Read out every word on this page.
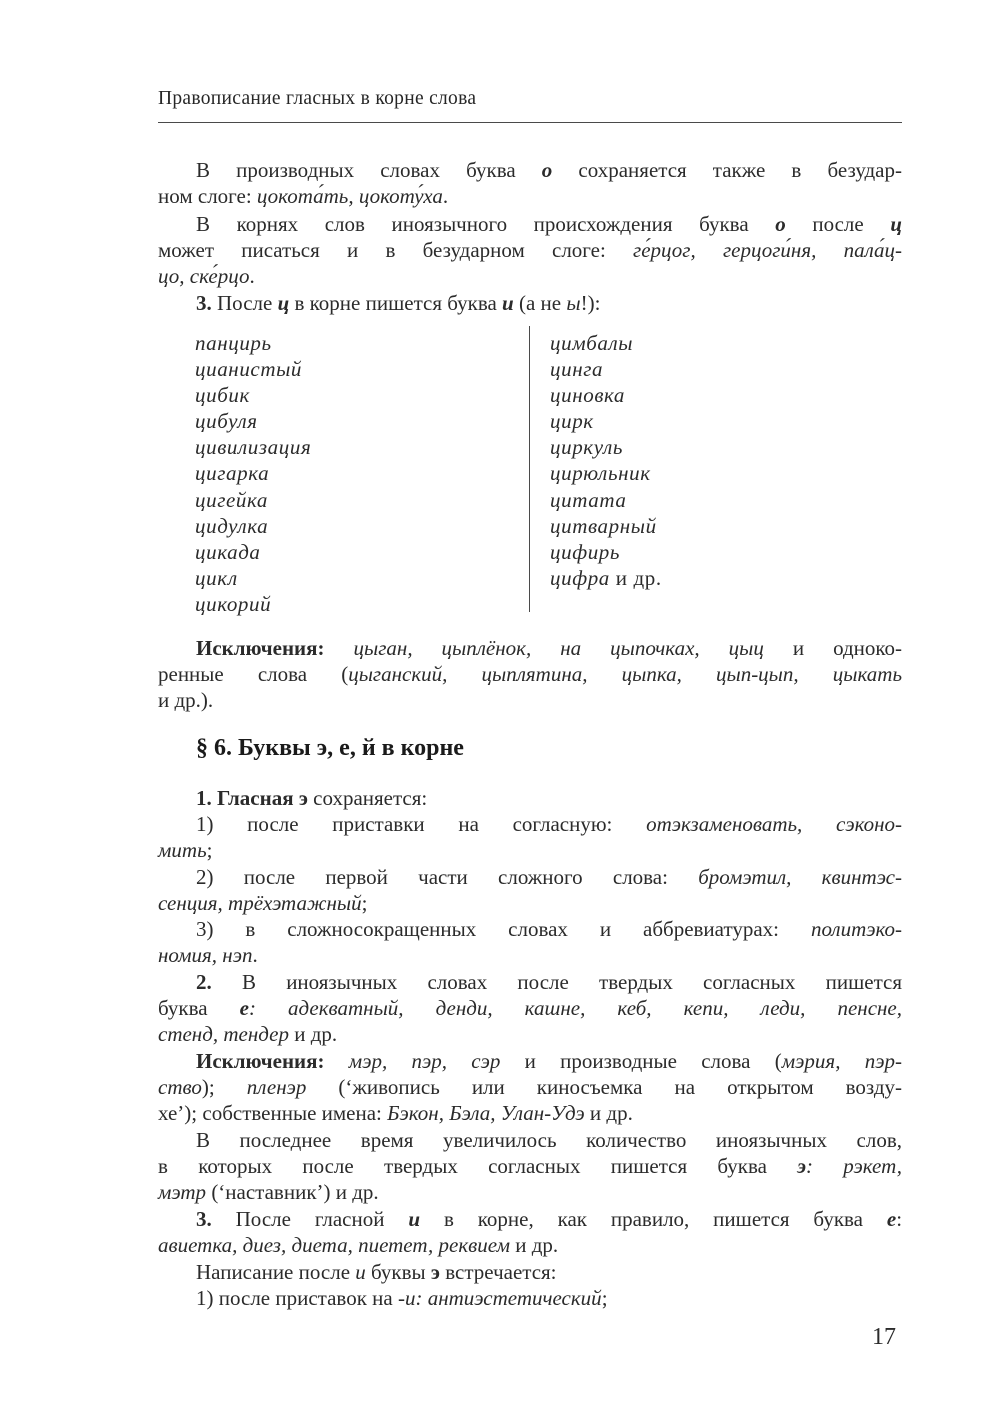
Правописание гласных в корне слова

В производных словах буква о сохраняется также в безудар-

ном слоге: цокота́ть, цокоту́ха.

В корнях слов иноязычного происхождения буква о после ц

может писаться и в безударном слоге: ге́рцог, герцоги́ня, пала́ц-

цо, ске́рцо.

3. После ц в корне пишется буква и (а не ы!):

панцирь
цианистый
цибик
цибуля
цивилизация
цигарка
цигейка
цидулка
цикада
цикл
цикорий
цимбалы
цинга
циновка
цирк
циркуль
цирюльник
цитата
цитварный
цифирь
цифра и др.

Исключения: цыган, цыплёнок, на цыпочках, цыц и одноко-

ренные слова (цыганский, цыплятина, цыпка, цып-цып, цыкать

и др.).

§ 6. Буквы э, е, й в корне

1. Гласная э сохраняется:

1) после приставки на согласную: отэкзаменовать, сэконо-

мить;

2) после первой части сложного слова: бромэтил, квинтэс-

сенция, трёхэтажный;

3) в сложносокращенных словах и аббревиатурах: политэко-

номия, нэп.

2. В иноязычных словах после твердых согласных пишется

буква е: адекватный, денди, кашне, кеб, кепи, леди, пенсне,

стенд, тендер и др.

Исключения: мэр, пэр, сэр и производные слова (мэрия, пэр-

ство); пленэр (‘живопись или киносъемка на открытом возду-

хе’); собственные имена: Бэкон, Бэла, Улан-Удэ и др.

В последнее время увеличилось количество иноязычных слов,

в которых после твердых согласных пишется буква э: рэкет,

мэтр (‘наставник’) и др.

3. После гласной и в корне, как правило, пишется буква е:

авиетка, диез, диета, пиетет, реквием и др.

Написание после и буквы э встречается:

1) после приставок на -и: антиэстетический;

17
